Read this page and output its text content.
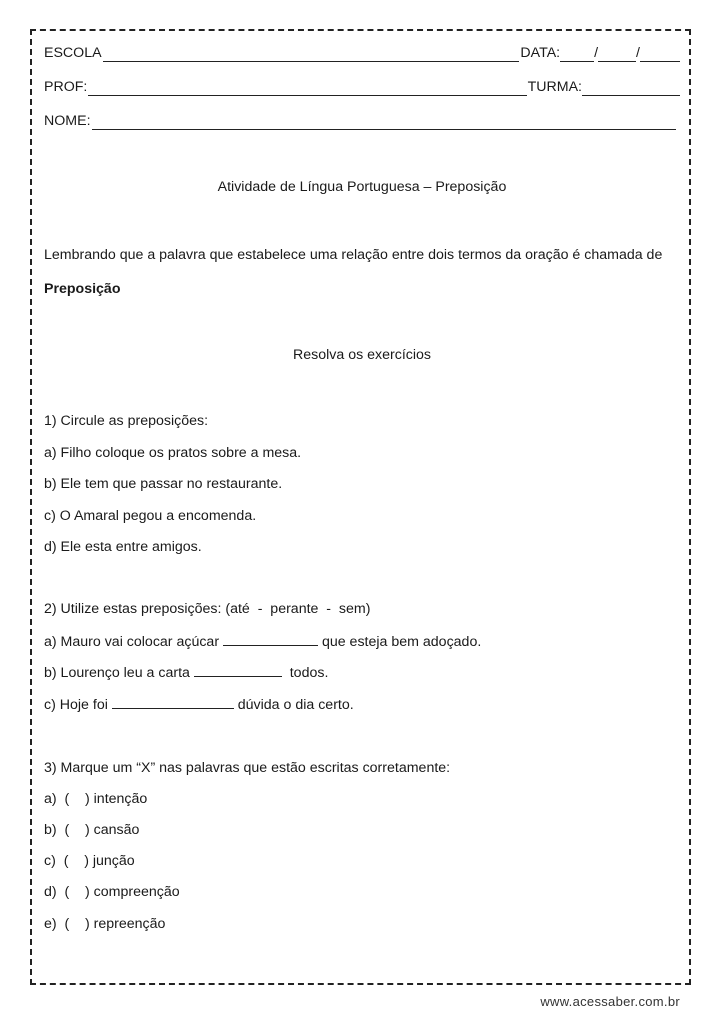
ESCOLA	DATA: /	/
PROF:	TURMA:
NOME:
Atividade de Língua Portuguesa – Preposição
Lembrando que a palavra que estabelece uma relação entre dois termos da oração é chamada de
Preposição
Resolva os exercícios
1) Circule as preposições:
a) Filho coloque os pratos sobre a mesa.
b) Ele tem que passar no restaurante.
c) O Amaral pegou a encomenda.
d) Ele esta entre amigos.
2) Utilize estas preposições: (até  -  perante  -  sem)
a) Mauro vai colocar açúcar	que esteja bem adoçado.
b) Lourenço leu a carta	todos.
c) Hoje foi	dúvida o dia certo.
3) Marque um “X” nas palavras que estão escritas corretamente:
a)  (    ) intenção
b)  (    ) cansão
c)  (    ) junção
d)  (    ) compreenção
e)  (    ) repreenção
www.acessaber.com.br
